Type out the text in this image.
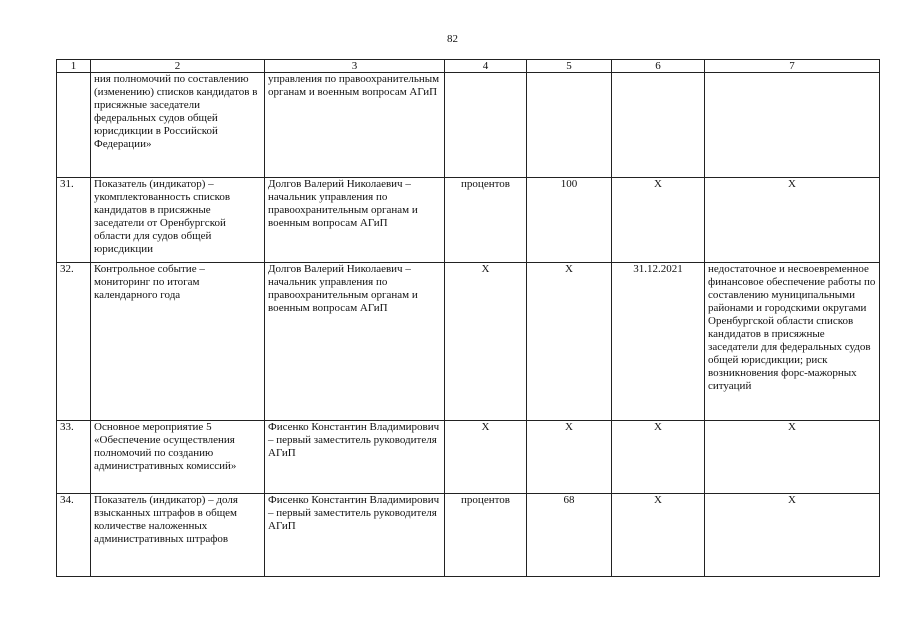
82
1	2	3	4	5	6	7
	ния полномочий по составлению (изменению) списков кандидатов в присяжные заседатели федеральных судов общей юрисдикции в Российской Федерации»	управления по правоохранительным органам и военным вопросам АГиП				
31.	Показатель (индикатор) – укомплектованность списков кандидатов в присяжные заседатели от Оренбургской области для судов общей юрисдикции	Долгов Валерий Николаевич – начальник управления по правоохранительным органам и военным вопросам АГиП	процентов	100	X	X
32.	Контрольное событие – мониторинг по итогам календарного года	Долгов Валерий Николаевич – начальник управления по правоохранительным органам и военным вопросам АГиП	X	X	31.12.2021	недостаточное и несвоевременное финансовое обеспечение работы по составлению муниципальными районами и городскими округами Оренбургской области списков кандидатов в присяжные заседатели для федеральных судов общей юрисдикции; риск возникновения форс-мажорных ситуаций
33.	Основное мероприятие 5 «Обеспечение осуществления полномочий по созданию административных комиссий»	Фисенко Константин Владимирович – первый заместитель руководителя АГиП	X	X	X	X
34.	Показатель (индикатор) – доля взысканных штрафов в общем количестве наложенных административных штрафов	Фисенко Константин Владимирович – первый заместитель руководителя АГиП	процентов	68	X	X
